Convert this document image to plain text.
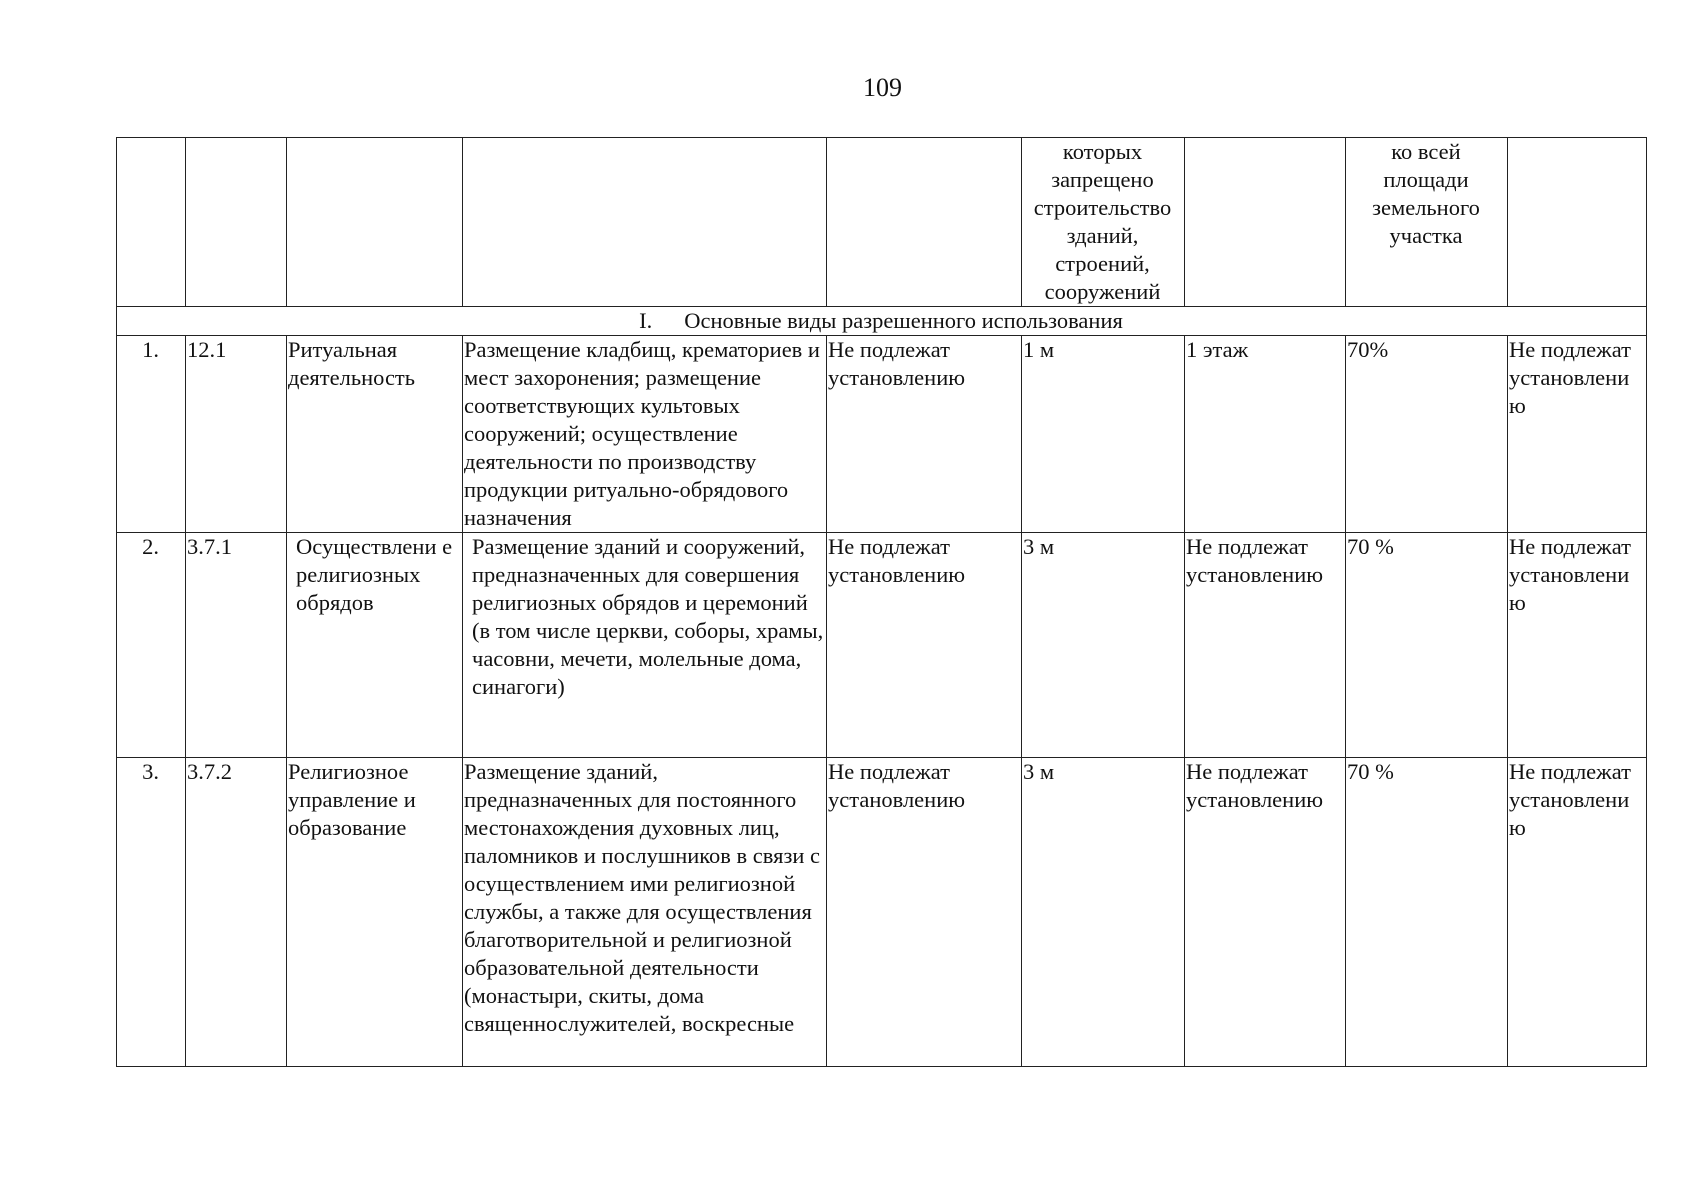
109
					которых запрещено строительство зданий, строений, сооружений		ко всей площади земельного участка	
I. Основные виды разрешенного использования								
1.	12.1	Ритуальная деятельность	Размещение кладбищ, крематориев и мест захоронения; размещение соответствующих культовых сооружений; осуществление деятельности по производству продукции ритуально-обрядового назначения	Не подлежат установлению	1 м	1 этаж	70%	Не подлежат установлени ю
2.	3.7.1	Осуществлени е религиозных обрядов	Размещение зданий и сооружений, предназначенных для совершения религиозных обрядов и церемоний (в том числе церкви, соборы, храмы, часовни, мечети, молельные дома, синагоги)	Не подлежат установлению	3 м	Не подлежат установлению	70 %	Не подлежат установлени ю
3.	3.7.2	Религиозное управление и образование	Размещение зданий, предназначенных для постоянного местонахождения духовных лиц, паломников и послушников в связи с осуществлением ими религиозной службы, а также для осуществления благотворительной и религиозной образовательной деятельности (монастыри, скиты, дома священнослужителей, воскресные	Не подлежат установлению	3 м	Не подлежат установлению	70 %	Не подлежат установлени ю
